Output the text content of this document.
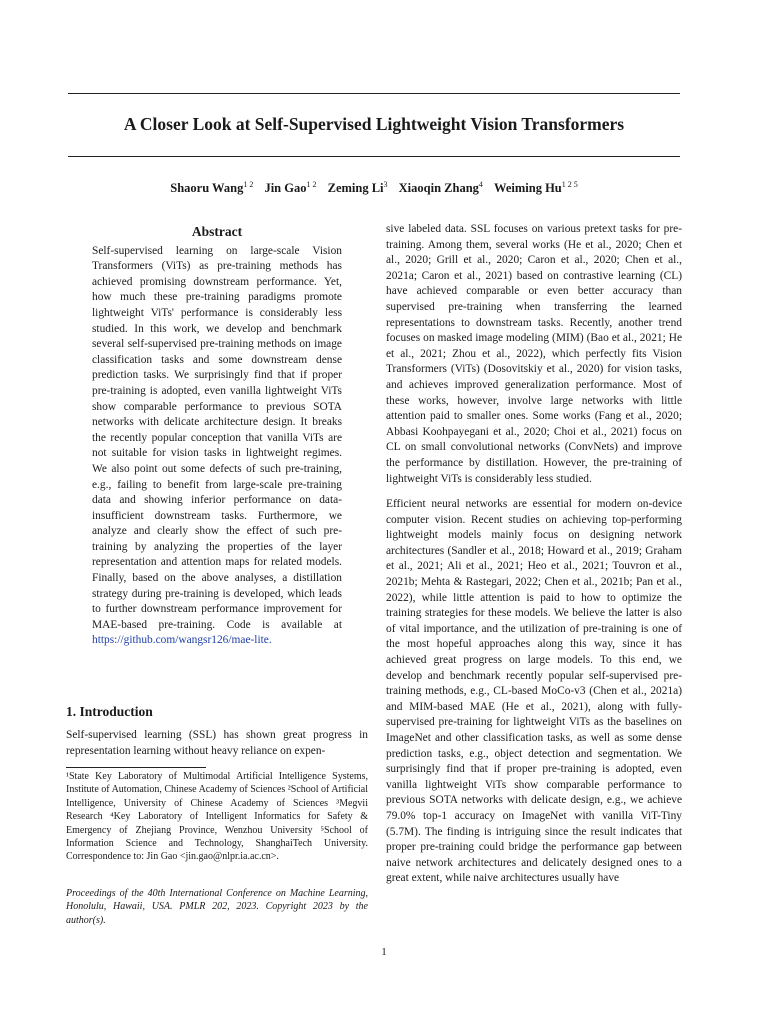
A Closer Look at Self-Supervised Lightweight Vision Transformers
Shaoru Wang$^{1 2}$ Jin Gao$^{1 2}$ Zeming Li$^3$ Xiaoqin Zhang$^4$ Weiming $Hu^{1 2 5}$
Abstract

Self-supervised learning on large-scale Vision Transformers (ViTs) as pre-training methods has achieved promising downstream performance. Yet, how much these pre-training paradigms promote lightweight ViTs' performance is considerably less studied. In this work, we develop and benchmark several self-supervised pre-training methods on image classification tasks and some downstream dense prediction tasks. We surprisingly find that if proper pre-training is adopted, even vanilla lightweight ViTs show comparable performance to previous SOTA networks with delicate architecture design. It breaks the recently popular conception that vanilla ViTs are not suitable for vision tasks in lightweight regimes. We also point out some defects of such pre-training, e.g., failing to benefit from large-scale pre-training data and showing inferior performance on data-insufficient downstream tasks. Furthermore, we analyze and clearly show the effect of such pre-training by analyzing the properties of the layer representation and attention maps for related models. Finally, based on the above analyses, a distillation strategy during pre-training is developed, which leads to further downstream performance improvement for MAE-based pre-training. Code is available at https://github.com/wangsr126/mae-lite.

1. Introduction

Self-supervised learning (SSL) has shown great progress in representation learning without heavy reliance on expen-

¹State Key Laboratory of Multimodal Artificial Intelligence Systems, Institute of Automation, Chinese Academy of Sciences ²School of Artificial Intelligence, University of Chinese Academy of Sciences ³Megvii Research ⁴Key Laboratory of Intelligent Informatics for Safety & Emergency of Zhejiang Province, Wenzhou University ⁵School of Information Science and Technology, ShanghaiTech University. Correspondence to: Jin Gao <jin.gao@nlpr.ia.ac.cn>.

Proceedings of the 40th International Conference on Machine Learning, Honolulu, Hawaii, USA. PMLR 202, 2023. Copyright 2023 by the author(s).

sive labeled data. SSL focuses on various pretext tasks for pre-training. Among them, several works (He et al., 2020; Chen et al., 2020; Grill et al., 2020; Caron et al., 2020; Chen et al., 2021a; Caron et al., 2021) based on contrastive learning (CL) have achieved comparable or even better accuracy than supervised pre-training when transferring the learned representations to downstream tasks. Recently, another trend focuses on masked image modeling (MIM) (Bao et al., 2021; He et al., 2021; Zhou et al., 2022), which perfectly fits Vision Transformers (ViTs) (Dosovitskiy et al., 2020) for vision tasks, and achieves improved generalization performance. Most of these works, however, involve large networks with little attention paid to smaller ones. Some works (Fang et al., 2020; Abbasi Koohpayegani et al., 2020; Choi et al., 2021) focus on CL on small convolutional networks (ConvNets) and improve the performance by distillation. However, the pre-training of lightweight ViTs is considerably less studied.

Efficient neural networks are essential for modern on-device computer vision. Recent studies on achieving top-performing lightweight models mainly focus on designing network architectures (Sandler et al., 2018; Howard et al., 2019; Graham et al., 2021; Ali et al., 2021; Heo et al., 2021; Touvron et al., 2021b; Mehta & Rastegari, 2022; Chen et al., 2021b; Pan et al., 2022), while little attention is paid to how to optimize the training strategies for these models. We believe the latter is also of vital importance, and the utilization of pre-training is one of the most hopeful approaches along this way, since it has achieved great progress on large models. To this end, we develop and benchmark recently popular self-supervised pre-training methods, e.g., CL-based MoCo-v3 (Chen et al., 2021a) and MIM-based MAE (He et al., 2021), along with fully-supervised pre-training for lightweight ViTs as the baselines on ImageNet and other classification tasks, as well as some dense prediction tasks, e.g., object detection and segmentation. We surprisingly find that if proper pre-training is adopted, even vanilla lightweight ViTs show comparable performance to previous SOTA networks with delicate design, e.g., we achieve 79.0% top-1 accuracy on ImageNet with vanilla ViT-Tiny (5.7M). The finding is intriguing since the result indicates that proper pre-training could bridge the performance gap between naive network architectures and delicately designed ones to a great extent, while naive architectures usually have

1
